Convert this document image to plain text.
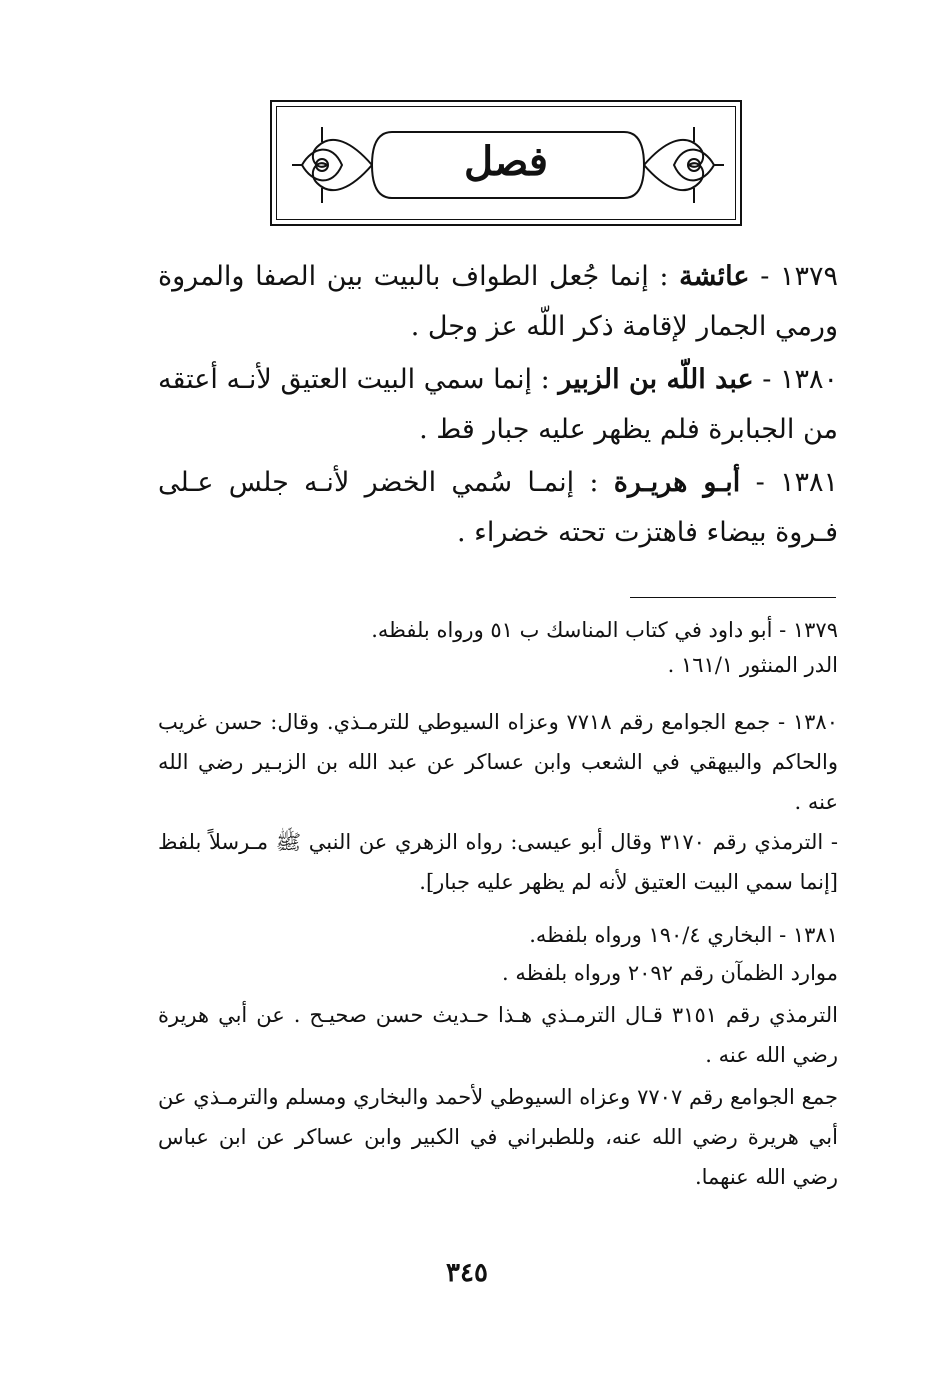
فصل
١٣٧٩ - عائشة : إنما جُعل الطواف بالبيت بين الصفا والمروة ورمي الجمار لإقامة ذكر اللّه عز وجل .
١٣٨٠ - عبد اللّه بن الزبير : إنما سمي البيت العتيق لأنـه أعتقه من الجبابرة فلم يظهر عليه جبار قط .
١٣٨١ - أبـو هريـرة : إنمـا سُمي الخضر لأنـه جلس عـلى فـروة بيضاء فاهتزت تحته خضراء .
١٣٧٩ - أبو داود في كتاب المناسك ب ٥١ ورواه بلفظه.
الدر المنثور ١٦١/١ .
١٣٨٠ - جمع الجوامع رقم ٧٧١٨ وعزاه السيوطي للترمـذي. وقال: حسن غريب والحاكم والبيهقي في الشعب وابن عساكر عن عبد الله بن الزبـير رضي الله عنه .
- الترمذي رقم ٣١٧٠ وقال أبو عيسى: رواه الزهري عن النبي ﷺ مـرسلاً بلفظ [إنما سمي البيت العتيق لأنه لم يظهر عليه جبار].
١٣٨١ - البخاري ١٩٠/٤ ورواه بلفظه.
موارد الظمآن رقم ٢٠٩٢ ورواه بلفظه .
الترمذي رقم ٣١٥١ قـال الترمـذي هـذا حـديث حسن صحيـح . عن أبي هريرة رضي الله عنه .
جمع الجوامع رقم ٧٧٠٧ وعزاه السيوطي لأحمد والبخاري ومسلم والترمـذي عن أبي هريرة رضي الله عنه، وللطبراني في الكبير وابن عساكر عن ابن عباس رضي الله عنهما.
٣٤٥
